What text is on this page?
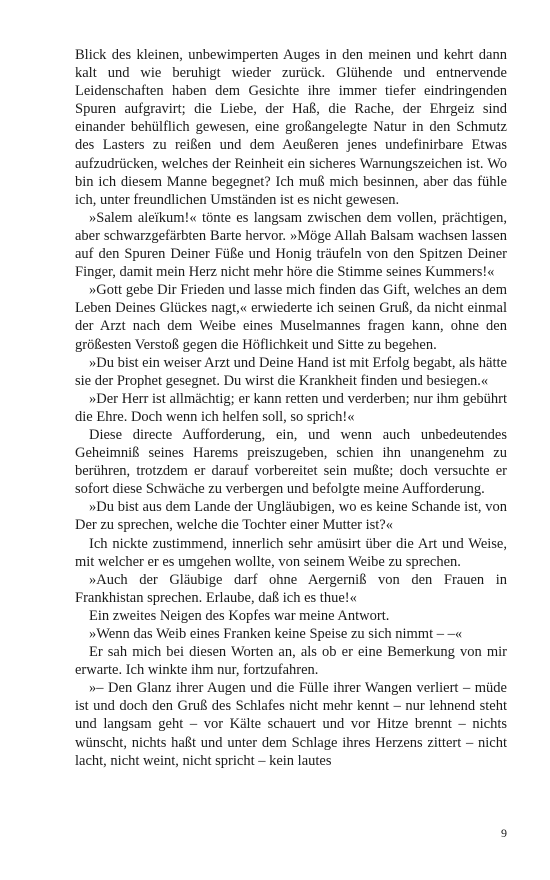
Blick des kleinen, unbewimperten Auges in den meinen und kehrt dann kalt und wie beruhigt wieder zurück. Glühende und entnervende Leidenschaften haben dem Gesichte ihre immer tiefer eindringenden Spuren aufgravirt; die Liebe, der Haß, die Rache, der Ehrgeiz sind einander behülflich gewesen, eine großangelegte Natur in den Schmutz des Lasters zu reißen und dem Aeußeren jenes undefinirbare Etwas aufzudrücken, welches der Reinheit ein sicheres Warnungszeichen ist. Wo bin ich diesem Manne begegnet? Ich muß mich besinnen, aber das fühle ich, unter freundlichen Umständen ist es nicht gewesen.

»Salem aleïkum!« tönte es langsam zwischen dem vollen, prächtigen, aber schwarzgefärbten Barte hervor. »Möge Allah Balsam wachsen lassen auf den Spuren Deiner Füße und Honig träufeln von den Spitzen Deiner Finger, damit mein Herz nicht mehr höre die Stimme seines Kummers!«

»Gott gebe Dir Frieden und lasse mich finden das Gift, welches an dem Leben Deines Glückes nagt,« erwiederte ich seinen Gruß, da nicht einmal der Arzt nach dem Weibe eines Muselmannes fragen kann, ohne den größesten Verstoß gegen die Höflichkeit und Sitte zu begehen.

»Du bist ein weiser Arzt und Deine Hand ist mit Erfolg begabt, als hätte sie der Prophet gesegnet. Du wirst die Krankheit finden und besiegen.«

»Der Herr ist allmächtig; er kann retten und verderben; nur ihm gebührt die Ehre. Doch wenn ich helfen soll, so sprich!«

Diese directe Aufforderung, ein, und wenn auch unbedeutendes Geheimniß seines Harems preiszugeben, schien ihn unangenehm zu berühren, trotzdem er darauf vorbereitet sein mußte; doch versuchte er sofort diese Schwäche zu verbergen und befolgte meine Aufforderung.

»Du bist aus dem Lande der Ungläubigen, wo es keine Schande ist, von Der zu sprechen, welche die Tochter einer Mutter ist?«

Ich nickte zustimmend, innerlich sehr amüsirt über die Art und Weise, mit welcher er es umgehen wollte, von seinem Weibe zu sprechen.

»Auch der Gläubige darf ohne Aergerniß von den Frauen in Frankhistan sprechen. Erlaube, daß ich es thue!«

Ein zweites Neigen des Kopfes war meine Antwort.

»Wenn das Weib eines Franken keine Speise zu sich nimmt – –«

Er sah mich bei diesen Worten an, als ob er eine Bemerkung von mir erwarte. Ich winkte ihm nur, fortzufahren.

»– Den Glanz ihrer Augen und die Fülle ihrer Wangen verliert – müde ist und doch den Gruß des Schlafes nicht mehr kennt – nur lehnend steht und langsam geht – vor Kälte schauert und vor Hitze brennt – nichts wünscht, nichts haßt und unter dem Schlage ihres Herzens zittert – nicht lacht, nicht weint, nicht spricht – kein lautes

9
